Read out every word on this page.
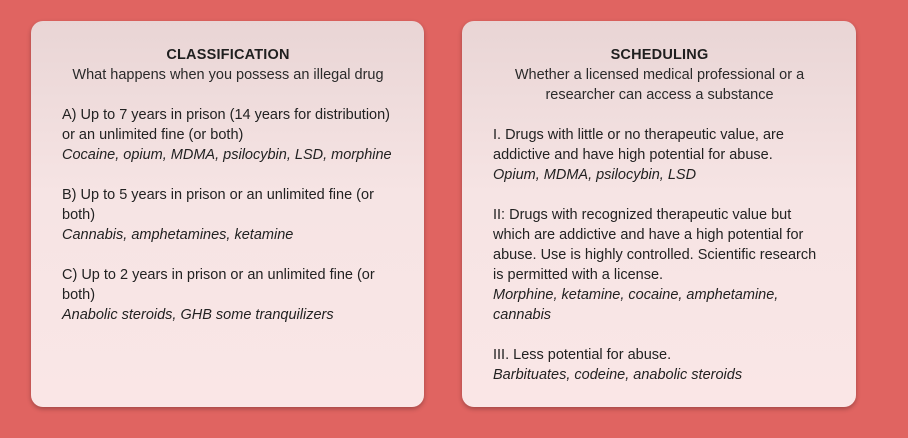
CLASSIFICATION
What happens when you possess an illegal drug
A) Up to 7 years in prison (14 years for distribution) or an unlimited fine (or both)
Cocaine, opium, MDMA, psilocybin, LSD, morphine
B) Up to 5 years in prison or an unlimited fine (or both)
Cannabis, amphetamines, ketamine
C) Up to 2 years in prison or an unlimited fine (or both)
Anabolic steroids, GHB some tranquilizers
SCHEDULING
Whether a licensed medical professional or a researcher can access a substance
I. Drugs with little or no therapeutic value, are addictive and have high potential for abuse.
Opium, MDMA, psilocybin, LSD
II: Drugs with recognized therapeutic value but which are addictive and have a high potential for abuse. Use is highly controlled. Scientific research is permitted with a license.
Morphine, ketamine, cocaine, amphetamine, cannabis
III. Less potential for abuse.
Barbituates, codeine, anabolic steroids
